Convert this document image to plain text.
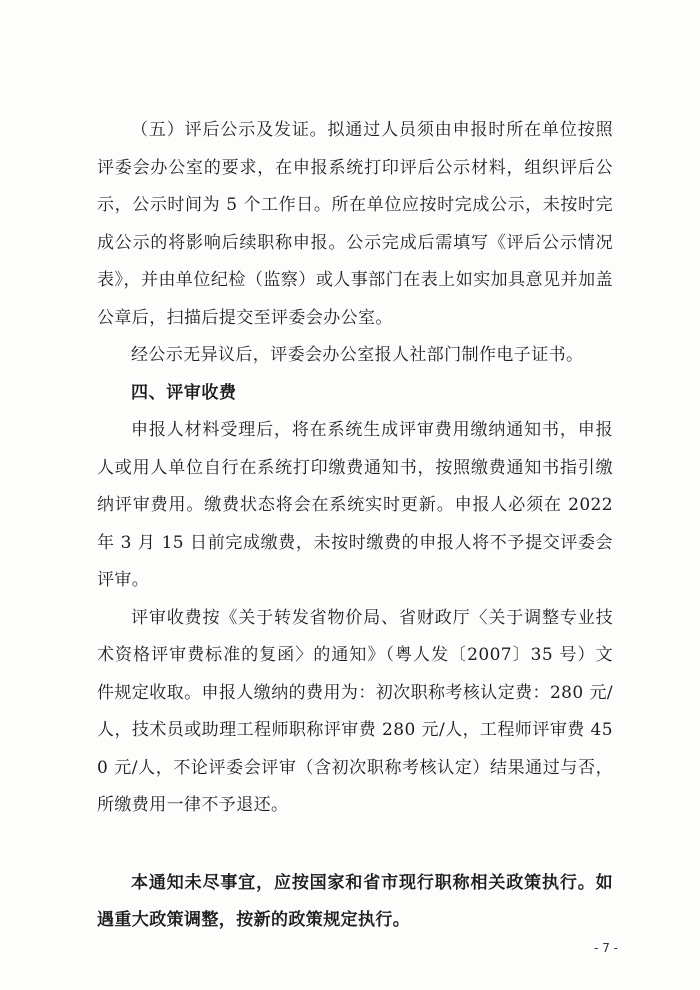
（五）评后公示及发证。拟通过人员须由申报时所在单位按照评委会办公室的要求，在申报系统打印评后公示材料，组织评后公示，公示时间为 5 个工作日。所在单位应按时完成公示，未按时完成公示的将影响后续职称申报。公示完成后需填写《评后公示情况表》，并由单位纪检（监察）或人事部门在表上如实加具意见并加盖公章后，扫描后提交至评委会办公室。

经公示无异议后，评委会办公室报人社部门制作电子证书。

四、评审收费

申报人材料受理后，将在系统生成评审费用缴纳通知书，申报人或用人单位自行在系统打印缴费通知书，按照缴费通知书指引缴纳评审费用。缴费状态将会在系统实时更新。申报人必须在 2022 年 3 月 15 日前完成缴费，未按时缴费的申报人将不予提交评委会评审。

评审收费按《关于转发省物价局、省财政厅〈关于调整专业技术资格评审费标准的复函〉的通知》（粤人发〔2007〕35 号）文件规定收取。申报人缴纳的费用为：初次职称考核认定费：280 元/人，技术员或助理工程师职称评审费 280 元/人，工程师评审费 450 元/人，不论评委会评审（含初次职称考核认定）结果通过与否，所缴费用一律不予退还。

本通知未尽事宜，应按国家和省市现行职称相关政策执行。如遇重大政策调整，按新的政策规定执行。

- 7 -
